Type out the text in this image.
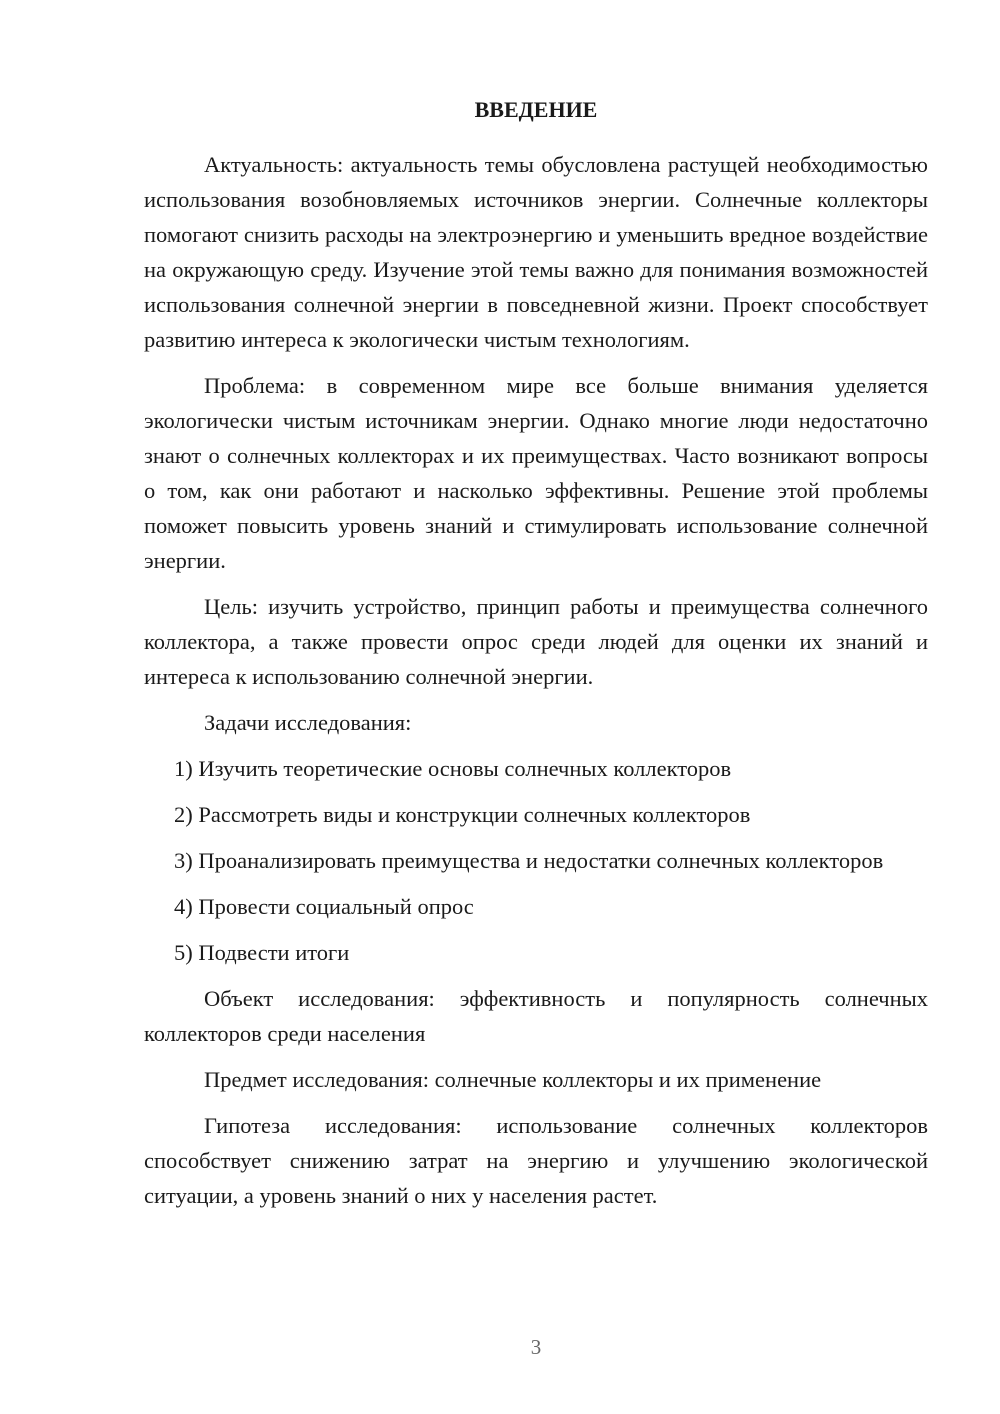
ВВЕДЕНИЕ

Актуальность: актуальность темы обусловлена растущей необходимостью использования возобновляемых источников энергии. Солнечные коллекторы помогают снизить расходы на электроэнергию и уменьшить вредное воздействие на окружающую среду. Изучение этой темы важно для понимания возможностей использования солнечной энергии в повседневной жизни. Проект способствует развитию интереса к экологически чистым технологиям.

Проблема: в современном мире все больше внимания уделяется экологически чистым источникам энергии. Однако многие люди недостаточно знают о солнечных коллекторах и их преимуществах. Часто возникают вопросы о том, как они работают и насколько эффективны. Решение этой проблемы поможет повысить уровень знаний и стимулировать использование солнечной энергии.

Цель: изучить устройство, принцип работы и преимущества солнечного коллектора, а также провести опрос среди людей для оценки их знаний и интереса к использованию солнечной энергии.

Задачи исследования:

1) Изучить теоретические основы солнечных коллекторов

2) Рассмотреть виды и конструкции солнечных коллекторов

3) Проанализировать преимущества и недостатки солнечных коллекторов

4) Провести социальный опрос

5) Подвести итоги

Объект исследования: эффективность и популярность солнечных коллекторов среди населения

Предмет исследования: солнечные коллекторы и их применение

Гипотеза исследования: использование солнечных коллекторов способствует снижению затрат на энергию и улучшению экологической ситуации, а уровень знаний о них у населения растет.

3
